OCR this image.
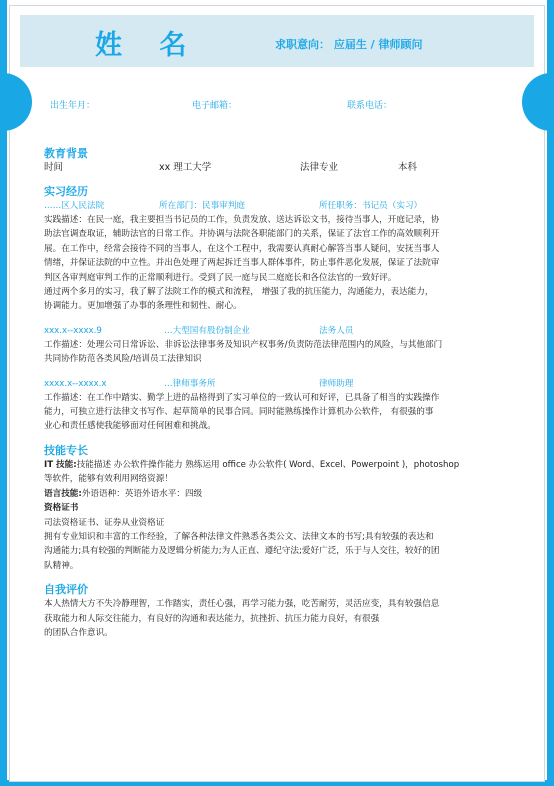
姓 名	求职意向： 应届生 / 律师顾问
出生年月：	电子邮箱：	联系电话：
教育背景
时间	xx 理工大学	法律专业	本科
实习经历
……区人民法院	所在部门：民事审判庭	所任职务：书记员（实习）

实践描述：在民一庭，我主要担当书记员的工作，负责发放、送达诉讼文书，接待当事人，开庭记录，协

助法官调查取证，辅助法官的日常工作。并协调与法院各职能部门的关系，保证了法官工作的高效顺利开

展。在工作中，经常会接待不同的当事人，在这个工程中，我需要认真耐心解答当事人疑问，安抚当事人

情绪，并保证法院的中立性。并出色处理了两起拆迁当事人群体事件，防止事件恶化发展，保证了法院审

判区各审判庭审判工作的正常顺利进行。受到了民一庭与民二庭庭长和各位法官的一致好评。

通过两个多月的实习，我了解了法院工作的模式和流程， 增强了我的抗压能力，沟通能力，表达能力，

协调能力。更加增强了办事的条理性和韧性、耐心。

xxx.x--xxxx.9	…大型国有股份制企业	法务人员

工作描述：处理公司日常诉讼、非诉讼法律事务及知识产权事务/负责防范法律范围内的风险，与其他部门

共同协作防范各类风险/培训员工法律知识

xxxx.x--xxxx.x	…律师事务所	律师助理

工作描述：在工作中踏实、勤学上进的品格得到了实习单位的一致认可和好评，已具备了相当的实践操作

能力，可独立进行法律文书写作、起草简单的民事合同。同时能熟练操作计算机办公软件， 有很强的事

业心和责任感使我能够面对任何困难和挑战。

技能专长

IT 技能:技能描述 办公软件操作能力 熟练运用 office 办公软件( Word、Excel、Powerpoint )，photoshop

等软件，能够有效利用网络资源！

语言技能:外语语种：英语外语水平：四级

资格证书

司法资格证书、证券从业资格证

拥有专业知识和丰富的工作经验，了解各种法律文件熟悉各类公文、法律文本的书写;具有较强的表达和

沟通能力;具有较强的判断能力及逻辑分析能力;为人正直、遵纪守法;爱好广泛，乐于与人交往，较好的团

队精神。

自我评价

本人热情大方不失冷静理智，工作踏实，责任心强，再学习能力强，吃苦耐劳，灵活应变，具有较强信息

获取能力和人际交往能力，有良好的沟通和表达能力，抗挫折、抗压力能力良好，有很强

的团队合作意识。
